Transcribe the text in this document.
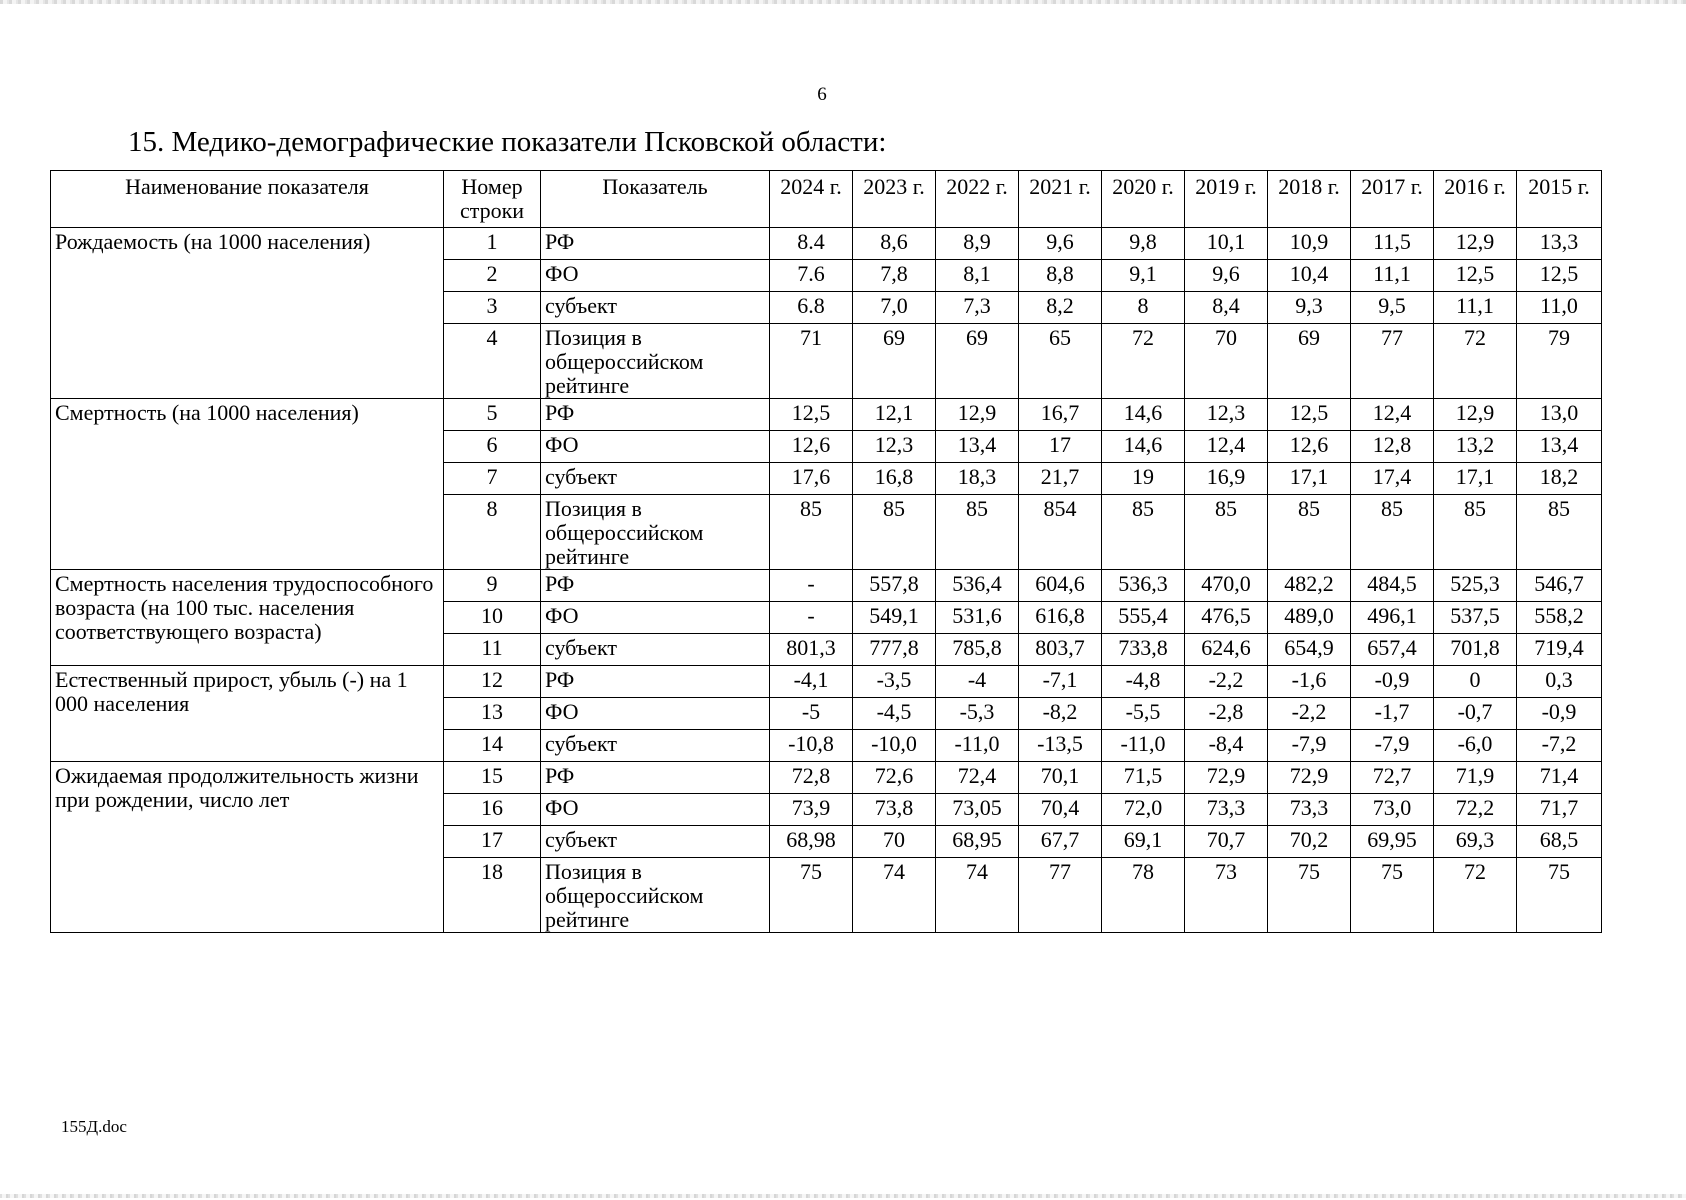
6
15. Медико-демографические показатели Псковской области:
Наименование показателя	Номер строки	Показатель	2024 г.	2023 г.	2022 г.	2021 г.	2020 г.	2019 г.	2018 г.	2017 г.	2016 г.	2015 г.
Рождаемость (на 1000 населения)	1	РФ	8.4	8,6	8,9	9,6	9,8	10,1	10,9	11,5	12,9	13,3
	2	ФО	7.6	7,8	8,1	8,8	9,1	9,6	10,4	11,1	12,5	12,5
	3	субъект	6.8	7,0	7,3	8,2	8	8,4	9,3	9,5	11,1	11,0
	4	Позиция в общероссийском рейтинге	71	69	69	65	72	70	69	77	72	79
Смертность (на 1000 населения)	5	РФ	12,5	12,1	12,9	16,7	14,6	12,3	12,5	12,4	12,9	13,0
	6	ФО	12,6	12,3	13,4	17	14,6	12,4	12,6	12,8	13,2	13,4
	7	субъект	17,6	16,8	18,3	21,7	19	16,9	17,1	17,4	17,1	18,2
	8	Позиция в общероссийском рейтинге	85	85	85	854	85	85	85	85	85	85
Смертность населения трудоспособного возраста (на 100 тыс. населения соответствующего возраста)	9	РФ	-	557,8	536,4	604,6	536,3	470,0	482,2	484,5	525,3	546,7
	10	ФО	-	549,1	531,6	616,8	555,4	476,5	489,0	496,1	537,5	558,2
	11	субъект	801,3	777,8	785,8	803,7	733,8	624,6	654,9	657,4	701,8	719,4
Естественный прирост, убыль (-) на 1 000 населения	12	РФ	-4,1	-3,5	-4	-7,1	-4,8	-2,2	-1,6	-0,9	0	0,3
	13	ФО	-5	-4,5	-5,3	-8,2	-5,5	-2,8	-2,2	-1,7	-0,7	-0,9
	14	субъект	-10,8	-10,0	-11,0	-13,5	-11,0	-8,4	-7,9	-7,9	-6,0	-7,2
Ожидаемая продолжительность жизни при рождении, число лет	15	РФ	72,8	72,6	72,4	70,1	71,5	72,9	72,9	72,7	71,9	71,4
	16	ФО	73,9	73,8	73,05	70,4	72,0	73,3	73,3	73,0	72,2	71,7
	17	субъект	68,98	70	68,95	67,7	69,1	70,7	70,2	69,95	69,3	68,5
	18	Позиция в общероссийском рейтинге	75	74	74	77	78	73	75	75	72	75
155Д.doc
